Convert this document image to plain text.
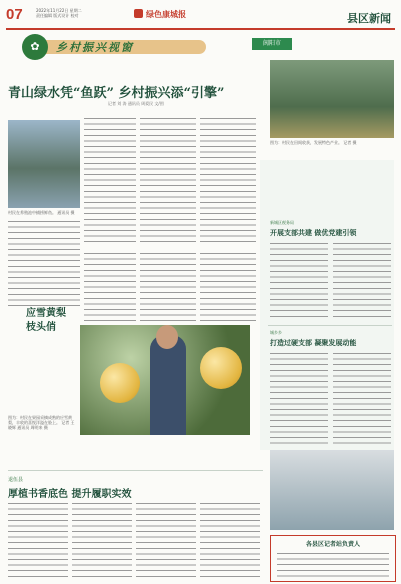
07	2022年11月22日 星期二
责任编辑 版式设计 校对	绿色康城报	县区新闻
✿	乡村振兴视窗	阆阳市
图为：村民在田间收获，发展特色产业。 记者 摄
青山绿水凭“鱼跃” 乡村振兴添“引擎”
记者 刘 涛 通讯员 周爱民 文/图
村民在养殖池中捕捞鲜鱼。 通讯员 摄
应雪黄梨
枝头俏
图为：村民在果园采摘成熟的应雪黄梨，丰收的喜悦洋溢在脸上。 记者 王晓辉 通讯员 周明来 摄
新城区税务局
开展支部共建 做优党建引领
城乡乡
打造过硬支部 凝聚发展动能
退伍县
厚植书香底色 提升履职实效
各县区记者站负责人
